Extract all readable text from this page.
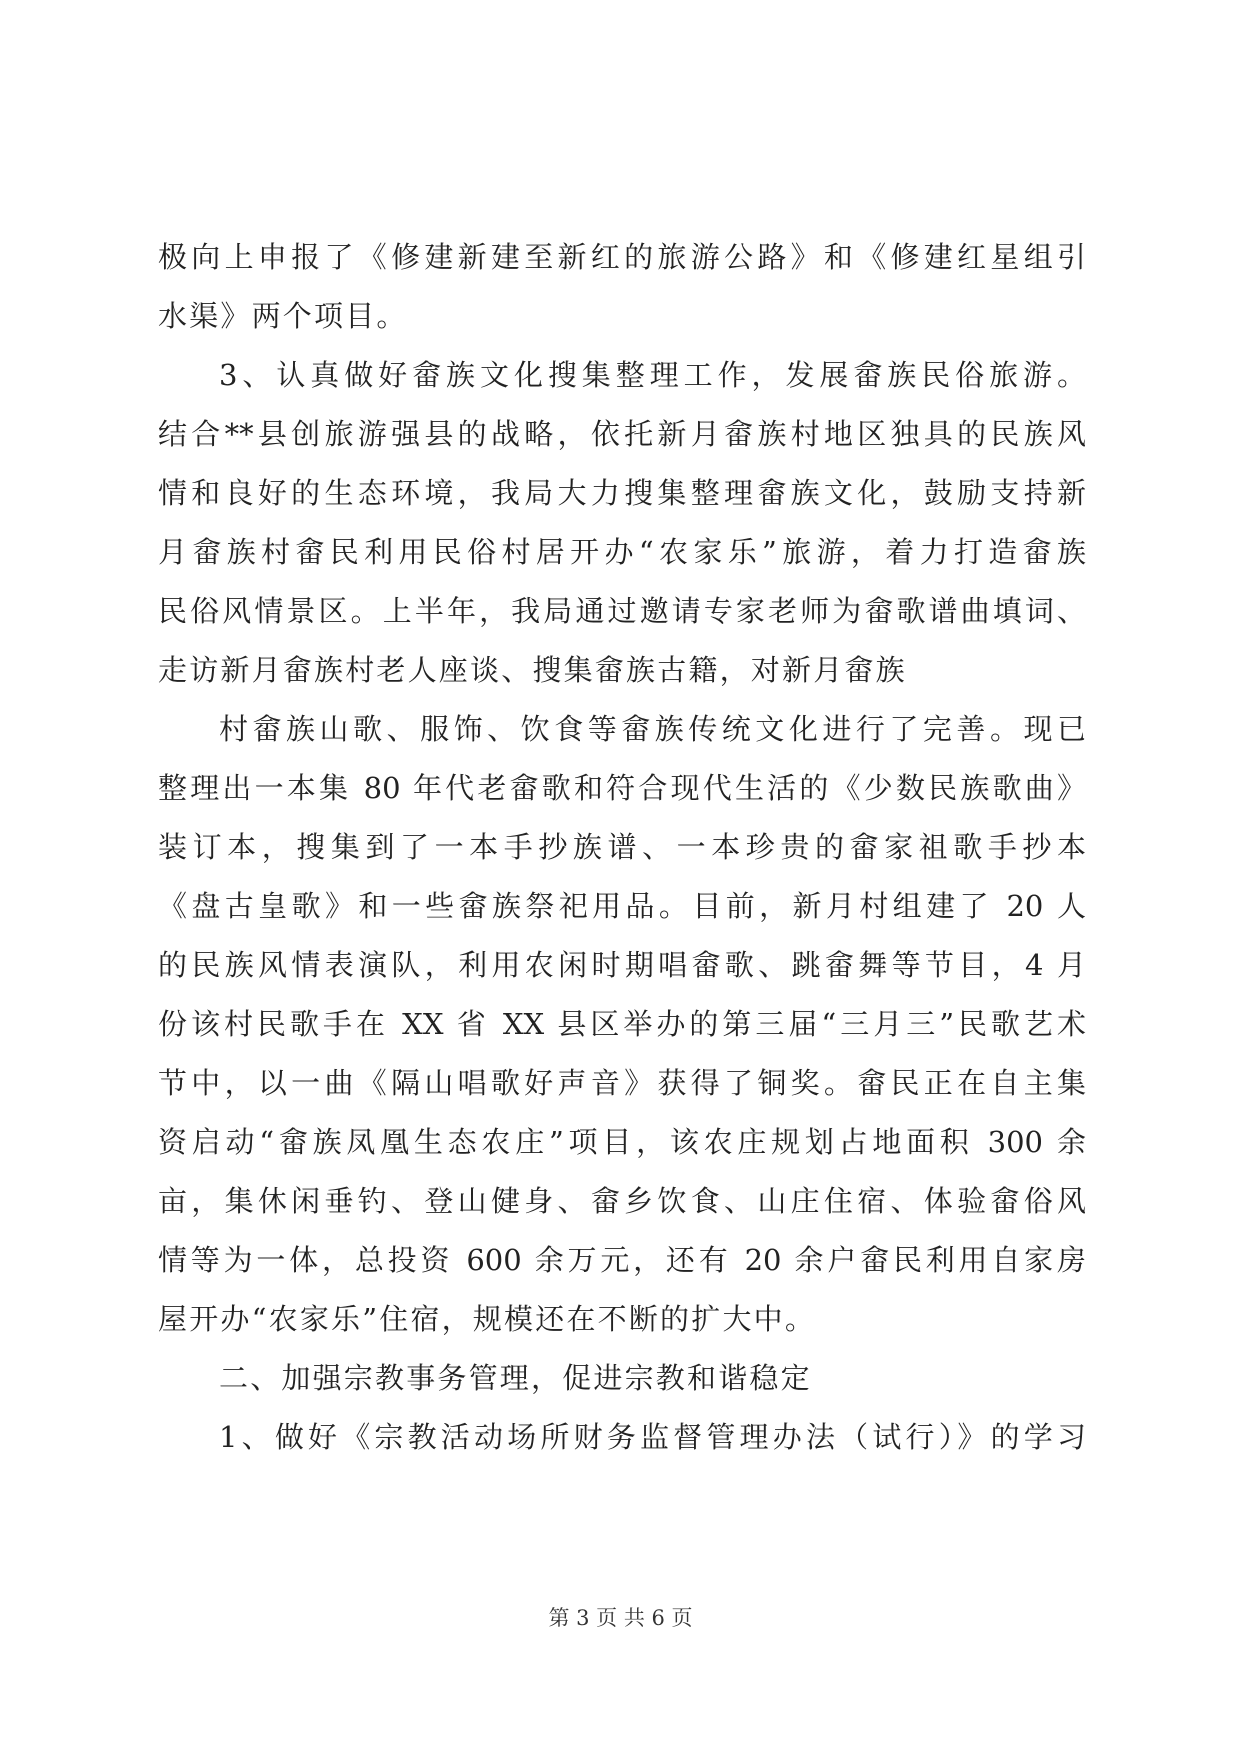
极向上申报了《修建新建至新红的旅游公路》和《修建红星组引
水渠》两个项目。
3、认真做好畲族文化搜集整理工作，发展畲族民俗旅游。
结合**县创旅游强县的战略，依托新月畲族村地区独具的民族风
情和良好的生态环境，我局大力搜集整理畲族文化，鼓励支持新
月畲族村畲民利用民俗村居开办“农家乐”旅游，着力打造畲族
民俗风情景区。上半年，我局通过邀请专家老师为畲歌谱曲填词、
走访新月畲族村老人座谈、搜集畲族古籍，对新月畲族
村畲族山歌、服饰、饮食等畲族传统文化进行了完善。现已
整理出一本集 80 年代老畲歌和符合现代生活的《少数民族歌曲》
装订本，搜集到了一本手抄族谱、一本珍贵的畲家祖歌手抄本
《盘古皇歌》和一些畲族祭祀用品。目前，新月村组建了 20 人
的民族风情表演队，利用农闲时期唱畲歌、跳畲舞等节目，4 月
份该村民歌手在 XX 省 XX 县区举办的第三届“三月三”民歌艺术
节中，以一曲《隔山唱歌好声音》获得了铜奖。畲民正在自主集
资启动“畲族凤凰生态农庄”项目，该农庄规划占地面积 300 余
亩，集休闲垂钓、登山健身、畲乡饮食、山庄住宿、体验畲俗风
情等为一体，总投资 600 余万元，还有 20 余户畲民利用自家房
屋开办“农家乐”住宿，规模还在不断的扩大中。
二、加强宗教事务管理，促进宗教和谐稳定
1、做好《宗教活动场所财务监督管理办法（试行）》的学习
第 3 页 共 6 页
